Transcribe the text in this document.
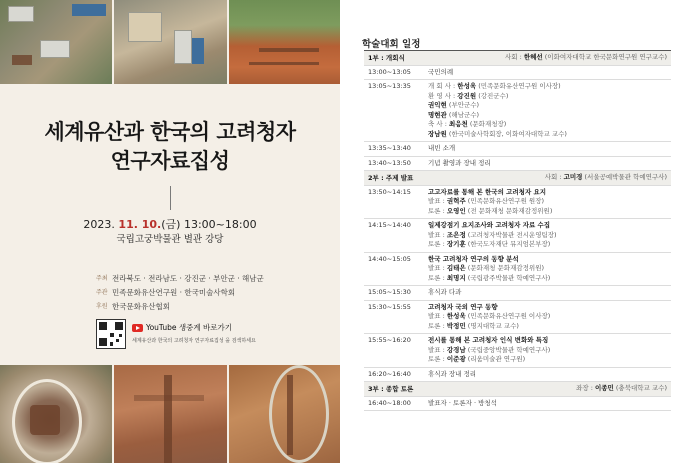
세계유산과 한국의 고려청자
연구자료집성
2023. 11. 10.(금) 13:00~18:00
국립고궁박물관 별관 강당
주최 전라북도 · 전라남도 · 강진군 · 부안군 · 해남군
주관 민족문화유산연구원 · 한국미술사학회
후원 한국문화유산협회
YouTube 생중계 바로가기
세계유산과 한국의 고려청자 연구자료집성 을 검색하세요
학술대회 일정
1부 : 개회식	사회 : 한혜선 (이화여자대학교 한국문화연구원 연구교수)
13:00~13:05	국민의례
13:05~13:35	개 회 사 : 한성욱 (민족문화유산연구원 이사장)
환 영 사 : 강진원 (강진군수)
권익현 (부안군수)
명현관 (해남군수)
축 사 : 최응천 (문화재청장)
장남원 (한국미술사학회장, 이화여자대학교 교수)
13:35~13:40	내빈 소개
13:40~13:50	기념 촬영과 장내 정리
2부 : 주제 발표	사회 : 고미경 (서울공예박물관 학예연구사)
13:50~14:15	고고자료를 통해 본 한국의 고려청자 요지
발표 : 권혁주 (민족문화유산연구원 원장)
토론 : 오영인 (전 문화재청 문화재감정위원)
14:15~14:40	일제강점기 요지조사와 고려청자 자료 수집
발표 : 조은정 (고려청자박물관 전시운영팀장)
토론 : 장기훈 (한국도자재단 뮤지엄본부장)
14:40~15:05	한국 고려청자 연구의 동향 분석
발표 : 김태은 (문화재청 문화재감정위원)
토론 : 최명지 (국립광주박물관 학예연구사)
15:05~15:30	휴식과 다과
15:30~15:55	고려청자 국외 연구 동향
발표 : 한성욱 (민족문화유산연구원 이사장)
토론 : 박정민 (명지대학교 교수)
15:55~16:20	전시를 통해 본 고려청자 인식 변화와 특징
발표 : 강경남 (국립중앙박물관 학예연구사)
토론 : 이준광 (리움미술관 연구원)
16:20~16:40	휴식과 장내 정리
3부 : 종합 토론	좌장 : 이종민 (충북대학교 교수)
16:40~18:00	발표자 · 토론자 · 방청석
